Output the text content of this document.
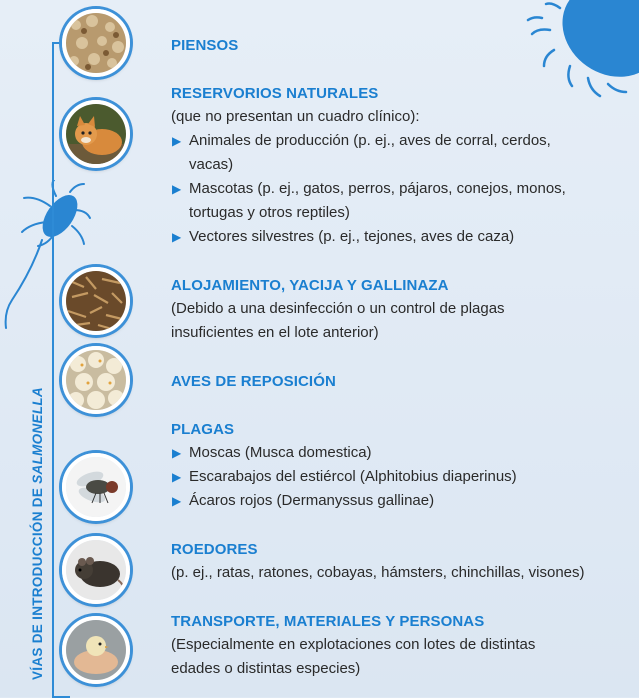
VÍAS DE INTRODUCCIÓN DE SALMONELLA
PIENSOS
RESERVORIOS NATURALES
(que no presentan un cuadro clínico):
▶ Animales de producción (p. ej., aves de corral, cerdos,
vacas)
▶ Mascotas (p. ej., gatos, perros, pájaros, conejos, monos,
tortugas y otros reptiles)
▶ Vectores silvestres (p. ej., tejones, aves de caza)
ALOJAMIENTO, YACIJA Y GALLINAZA
(Debido a una desinfección o un control de plagas
insuficientes en el lote anterior)
AVES DE REPOSICIÓN
PLAGAS
▶ Moscas (Musca domestica)
▶ Escarabajos del estiércol (Alphitobius diaperinus)
▶ Ácaros rojos (Dermanyssus gallinae)
ROEDORES
(p. ej., ratas, ratones, cobayas, hámsters, chinchillas, visones)
TRANSPORTE, MATERIALES Y PERSONAS
(Especialmente en explotaciones con lotes de distintas
edades o distintas especies)
